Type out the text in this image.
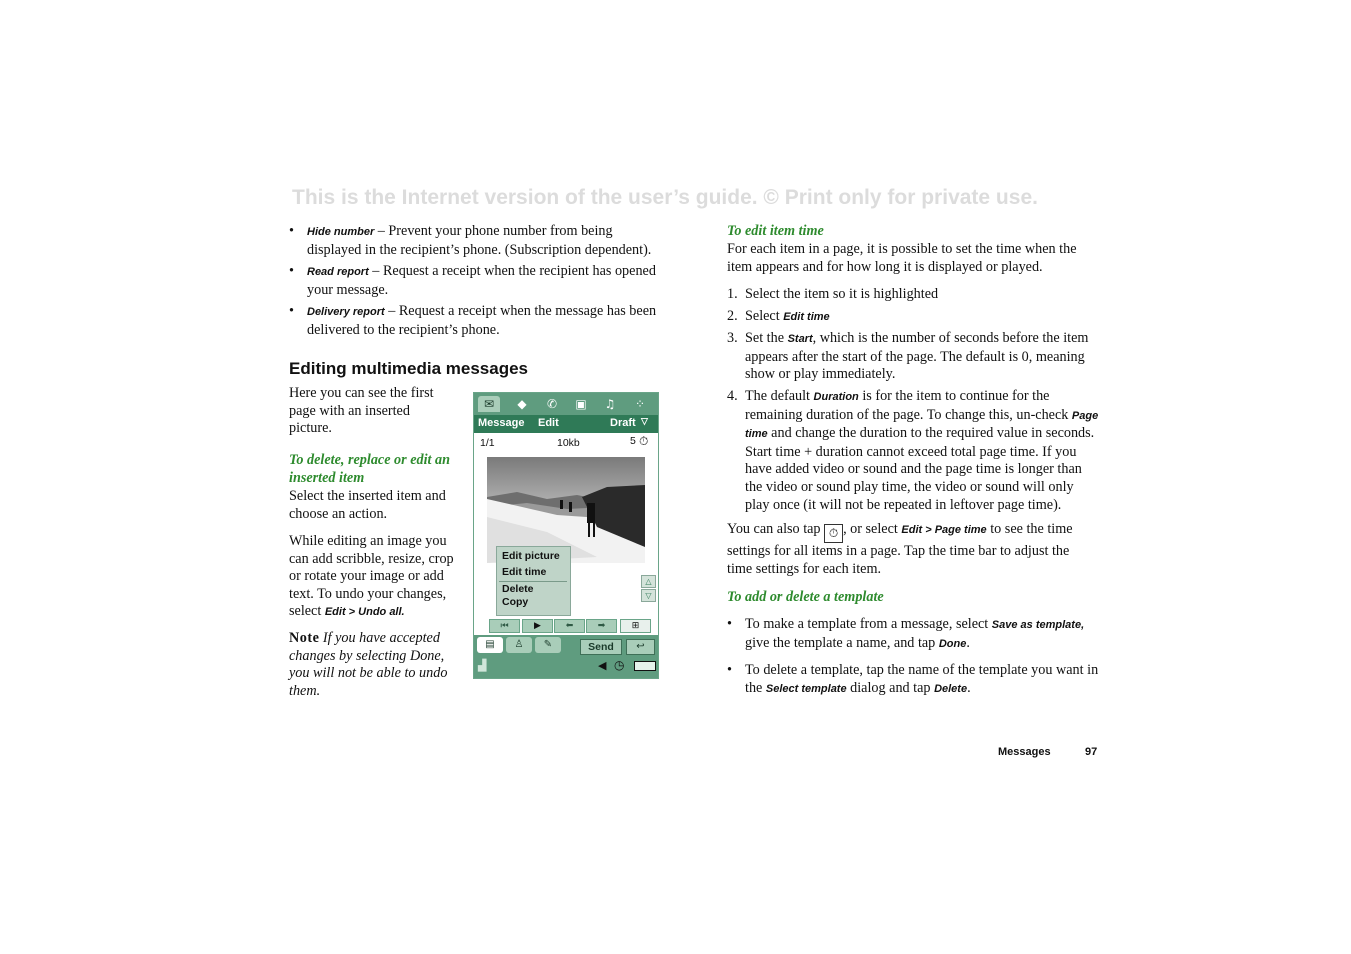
This is the Internet version of the user’s guide. © Print only for private use.
• Hide number – Prevent your phone number from being displayed in the recipient’s phone. (Subscription dependent).
• Read report – Request a receipt when the recipient has opened your message.
• Delivery report – Request a receipt when the message has been delivered to the recipient’s phone.
Editing multimedia messages
Here you can see the first page with an inserted picture.
To delete, replace or edit an inserted item
Select the inserted item and choose an action.
While editing an image you can add scribble, resize, crop or rotate your image or add text. To undo your changes, select Edit > Undo all.
Note If you have accepted changes by selecting Done, you will not be able to undo them.
✉	◆	✆	▣	♫	⁘
Message Edit	Draft ▽
1/1	10kb	5 ⏱
Edit picture
Edit time
Delete
Copy
△
▽
⏮	▶	⬅	➡	⊞
▤	♙	✎	Send	↩
▟	◀ ◷
To edit item time
For each item in a page, it is possible to set the time when the item appears and for how long it is displayed or played.
1. Select the item so it is highlighted
2. Select Edit time
3. Set the Start, which is the number of seconds before the item appears after the start of the page. The default is 0, meaning show or play immediately.
4. The default Duration is for the item to continue for the remaining duration of the page. To change this, un-check Page time and change the duration to the required value in seconds. Start time + duration cannot exceed total page time. If you have added video or sound and the page time is longer than the video or sound play time, the video or sound will only play once (it will not be repeated in leftover page time).
You can also tap ⏱ , or select Edit > Page time to see the time settings for all items in a page. Tap the time bar to adjust the time settings for each item.
To add or delete a template
• To make a template from a message, select Save as template, give the template a name, and tap Done.
• To delete a template, tap the name of the template you want in the Select template dialog and tap Delete.
Messages	97
